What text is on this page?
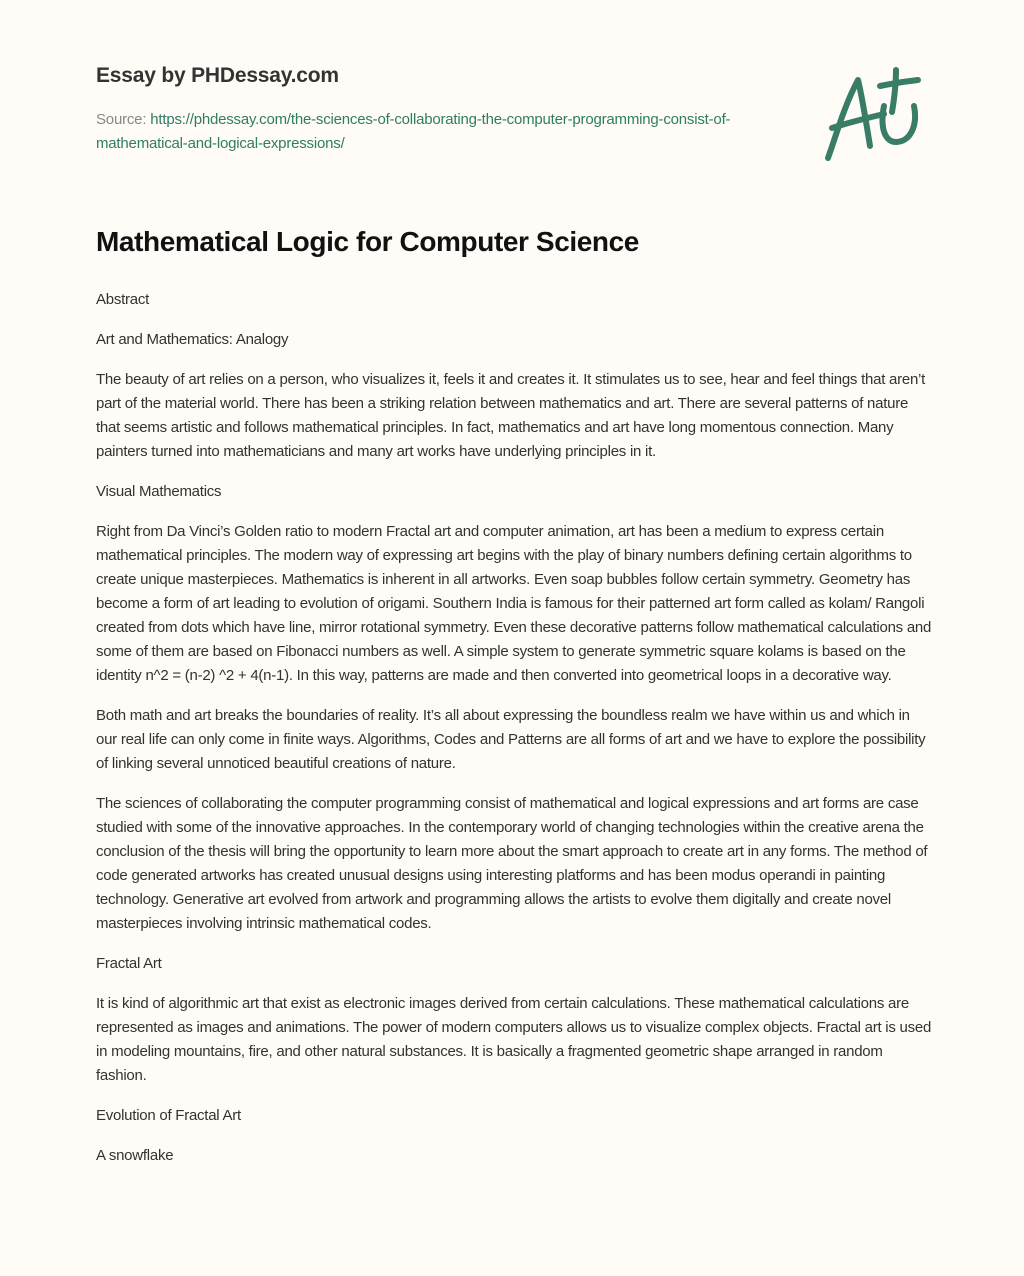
Essay by PHDessay.com
Source: https://phdessay.com/the-sciences-of-collaborating-the-computer-programming-consist-of-mathematical-and-logical-expressions/
Mathematical Logic for Computer Science

Abstract

Art and Mathematics: Analogy

The beauty of art relies on a person, who visualizes it, feels it and creates it. It stimulates us to see, hear and feel things that aren’t part of the material world. There has been a striking relation between mathematics and art. There are several patterns of nature that seems artistic and follows mathematical principles. In fact, mathematics and art have long momentous connection. Many painters turned into mathematicians and many art works have underlying principles in it.

Visual Mathematics

Right from Da Vinci’s Golden ratio to modern Fractal art and computer animation, art has been a medium to express certain mathematical principles. The modern way of expressing art begins with the play of binary numbers defining certain algorithms to create unique masterpieces. Mathematics is inherent in all artworks. Even soap bubbles follow certain symmetry. Geometry has become a form of art leading to evolution of origami. Southern India is famous for their patterned art form called as kolam/ Rangoli created from dots which have line, mirror rotational symmetry. Even these decorative patterns follow mathematical calculations and some of them are based on Fibonacci numbers as well. A simple system to generate symmetric square kolams is based on the identity n^2 = (n-2) ^2 + 4(n-1). In this way, patterns are made and then converted into geometrical loops in a decorative way.

Both math and art breaks the boundaries of reality. It’s all about expressing the boundless realm we have within us and which in our real life can only come in finite ways. Algorithms, Codes and Patterns are all forms of art and we have to explore the possibility of linking several unnoticed beautiful creations of nature.

The sciences of collaborating the computer programming consist of mathematical and logical expressions and art forms are case studied with some of the innovative approaches. In the contemporary world of changing technologies within the creative arena the conclusion of the thesis will bring the opportunity to learn more about the smart approach to create art in any forms. The method of code generated artworks has created unusual designs using interesting platforms and has been modus operandi in painting technology. Generative art evolved from artwork and programming allows the artists to evolve them digitally and create novel masterpieces involving intrinsic mathematical codes.

Fractal Art

It is kind of algorithmic art that exist as electronic images derived from certain calculations. These mathematical calculations are represented as images and animations. The power of modern computers allows us to visualize complex objects. Fractal art is used in modeling mountains, fire, and other natural substances. It is basically a fragmented geometric shape arranged in random fashion.

Evolution of Fractal Art

A snowflake
